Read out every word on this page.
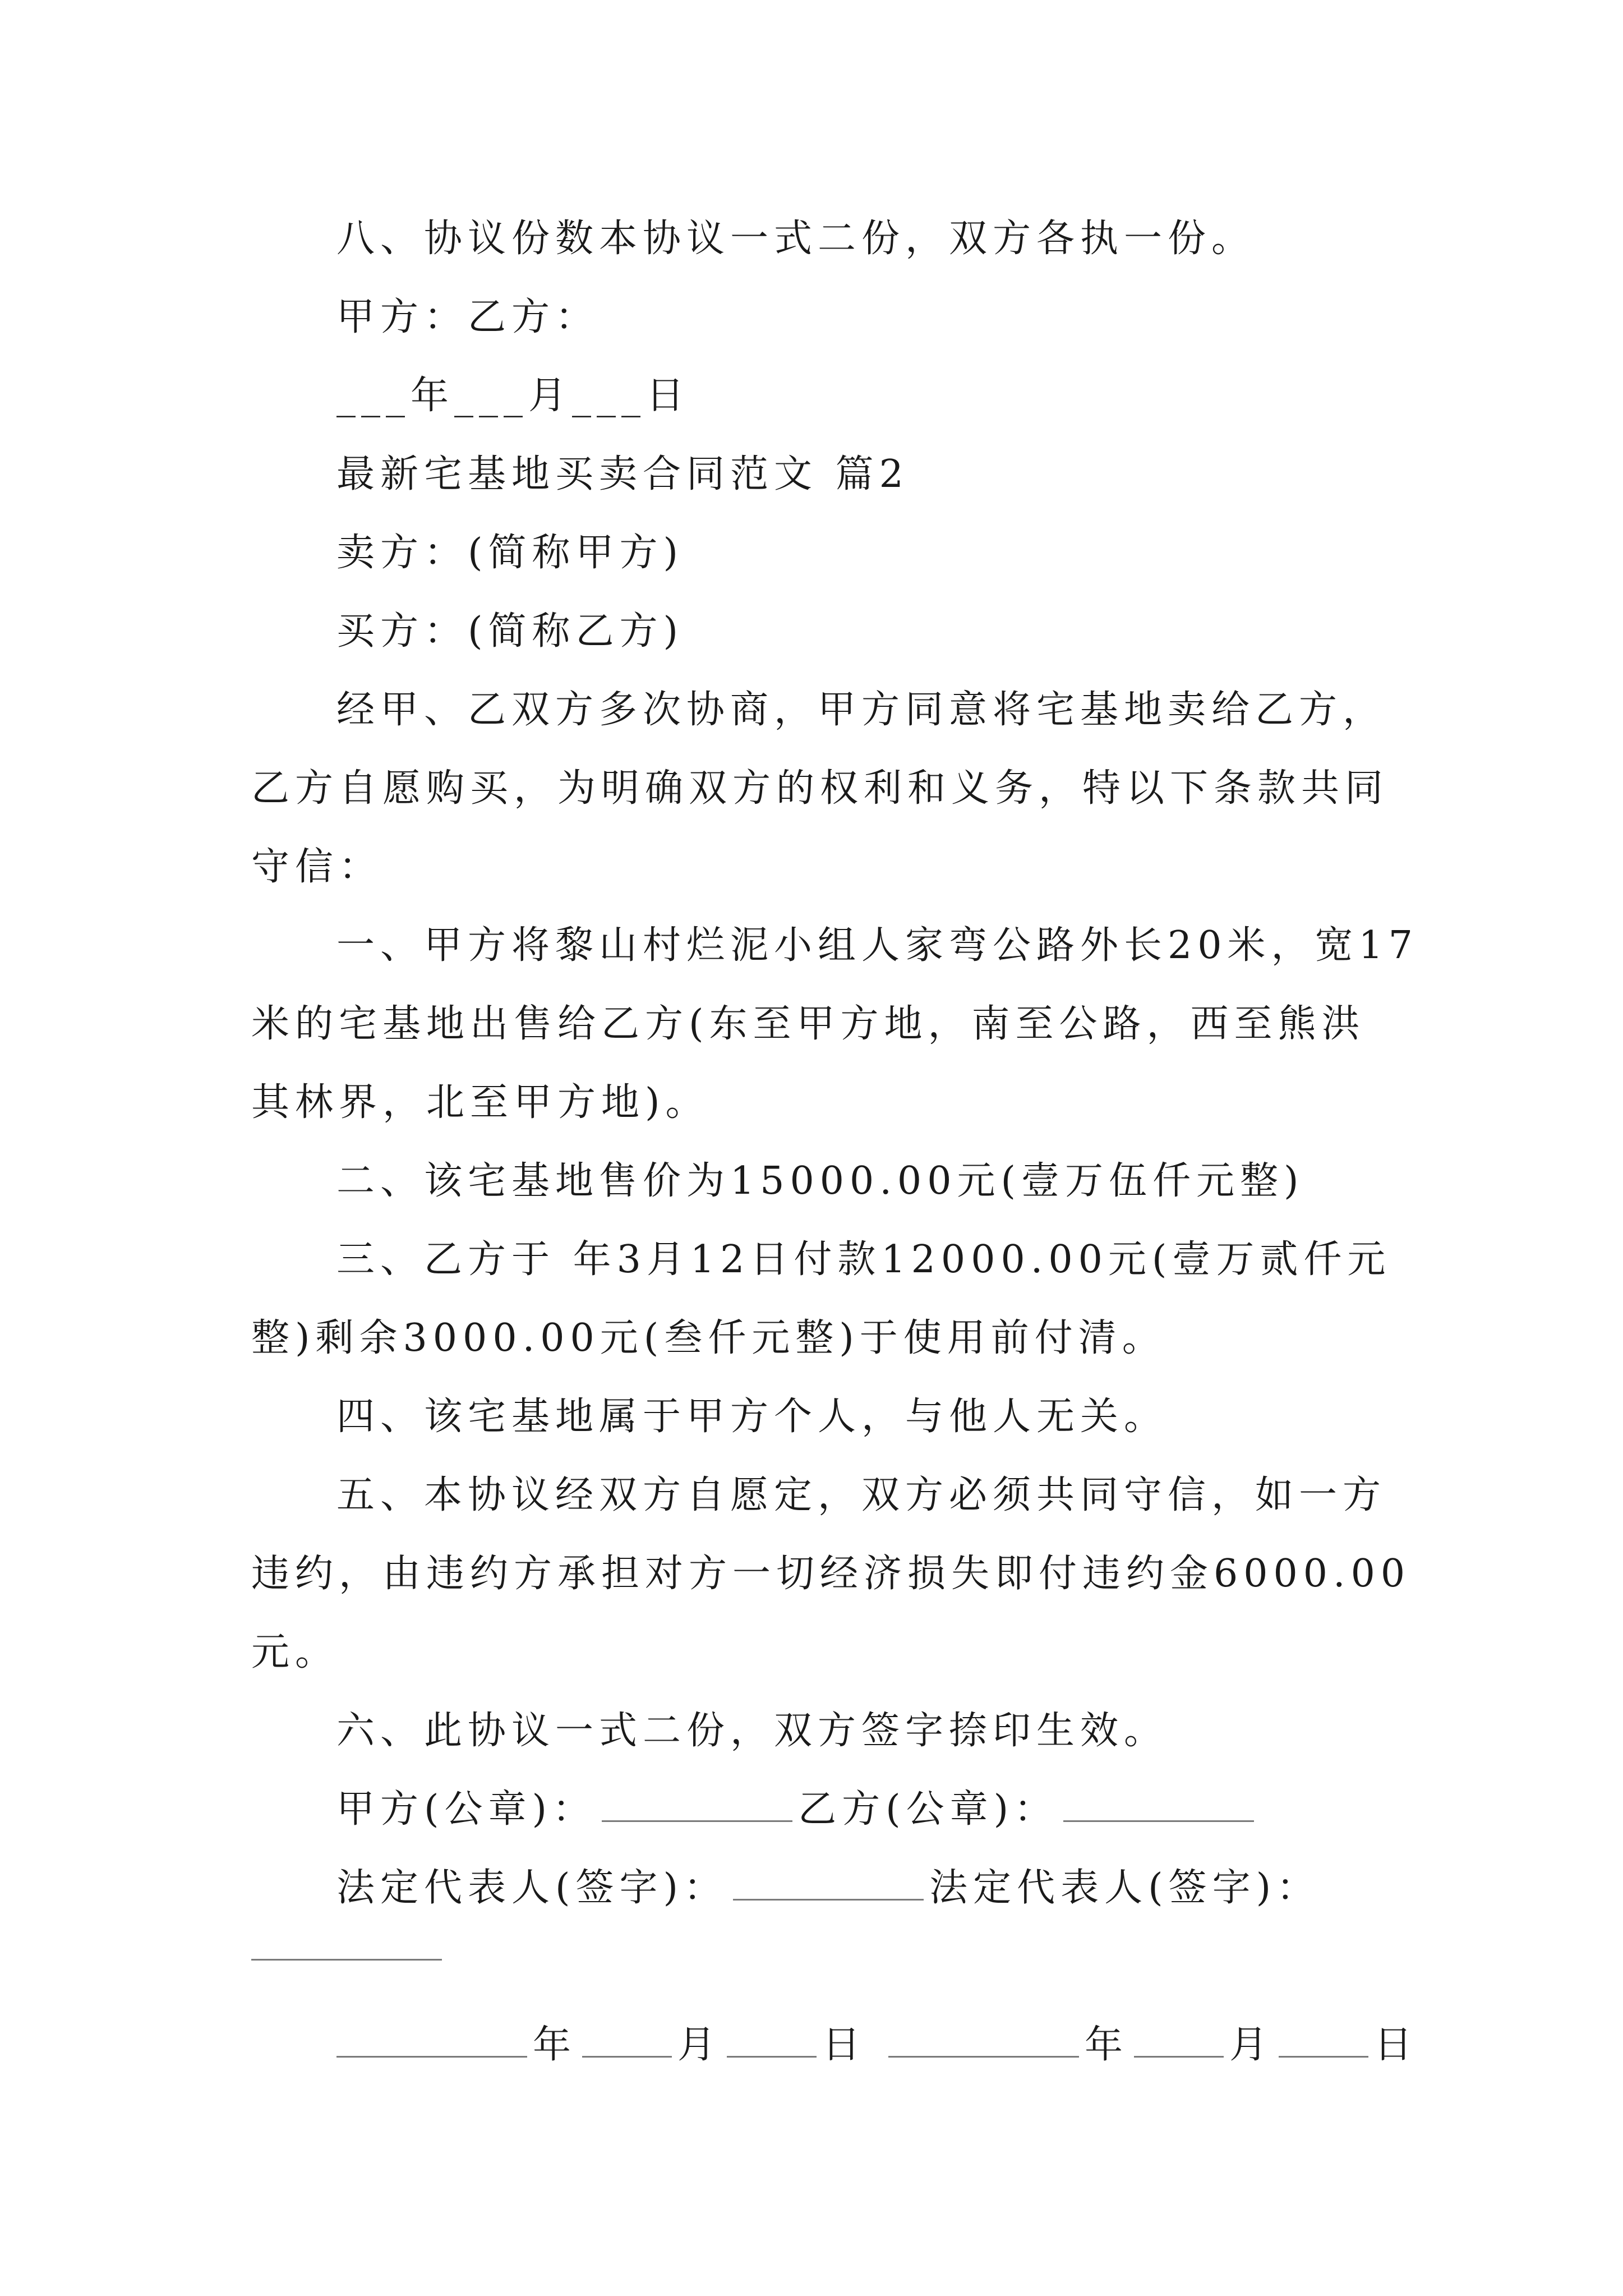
八、协议份数本协议一式二份，双方各执一份。
甲方：乙方：
___年___月___日
最新宅基地买卖合同范文 篇2
卖方：(简称甲方)
买方：(简称乙方)
经甲、乙双方多次协商，甲方同意将宅基地卖给乙方，
乙方自愿购买，为明确双方的权利和义务，特以下条款共同
守信：
一、甲方将黎山村烂泥小组人家弯公路外长20米，宽17
米的宅基地出售给乙方(东至甲方地，南至公路，西至熊洪
其林界，北至甲方地)。
二、该宅基地售价为15000.00元(壹万伍仟元整)
三、乙方于 年3月12日付款12000.00元(壹万贰仟元
整)剩余3000.00元(叁仟元整)于使用前付清。
四、该宅基地属于甲方个人，与他人无关。
五、本协议经双方自愿定，双方必须共同守信，如一方
违约，由违约方承担对方一切经济损失即付违约金6000.00
元。
六、此协议一式二份，双方签字捺印生效。
甲方(公章)：	乙方(公章)：
法定代表人(签字)：	法定代表人(签字)：
年	月	日	年	月	日
